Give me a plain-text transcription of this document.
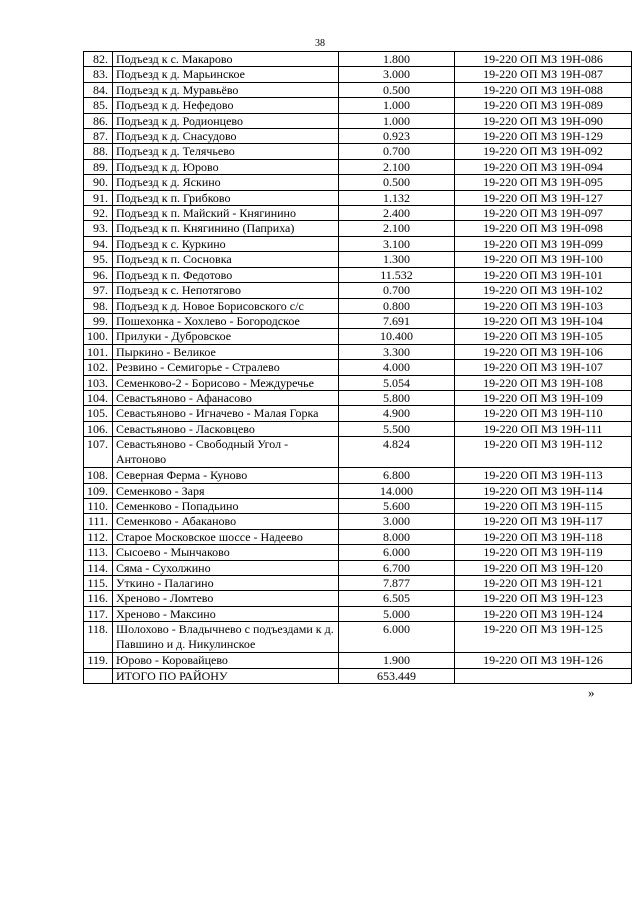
38
82.	Подъезд к с. Макарово	1.800	19-220 ОП МЗ 19Н-086
83.	Подъезд к д. Марьинское	3.000	19-220 ОП МЗ 19Н-087
84.	Подъезд к д. Муравьёво	0.500	19-220 ОП МЗ 19Н-088
85.	Подъезд к д. Нефедово	1.000	19-220 ОП МЗ 19Н-089
86.	Подъезд к д. Родионцево	1.000	19-220 ОП МЗ 19Н-090
87.	Подъезд к д. Снасудово	0.923	19-220 ОП МЗ 19Н-129
88.	Подъезд к д. Телячьево	0.700	19-220 ОП МЗ 19Н-092
89.	Подъезд к д. Юрово	2.100	19-220 ОП МЗ 19Н-094
90.	Подъезд к д. Яскино	0.500	19-220 ОП МЗ 19Н-095
91.	Подъезд к п. Грибково	1.132	19-220 ОП МЗ 19Н-127
92.	Подъезд к п. Майский - Княгинино	2.400	19-220 ОП МЗ 19Н-097
93.	Подъезд к п. Княгинино (Паприха)	2.100	19-220 ОП МЗ 19Н-098
94.	Подъезд к с. Куркино	3.100	19-220 ОП МЗ 19Н-099
95.	Подъезд к п. Сосновка	1.300	19-220 ОП МЗ 19Н-100
96.	Подъезд к п. Федотово	11.532	19-220 ОП МЗ 19Н-101
97.	Подъезд к с. Непотягово	0.700	19-220 ОП МЗ 19Н-102
98.	Подъезд к д. Новое Борисовского с/с	0.800	19-220 ОП МЗ 19Н-103
99.	Пошехонка - Хохлево - Богородское	7.691	19-220 ОП МЗ 19Н-104
100.	Прилуки - Дубровское	10.400	19-220 ОП МЗ 19Н-105
101.	Пыркино - Великое	3.300	19-220 ОП МЗ 19Н-106
102.	Резвино - Семигорье - Стралево	4.000	19-220 ОП МЗ 19Н-107
103.	Семенково-2 - Борисово - Междуречье	5.054	19-220 ОП МЗ 19Н-108
104.	Севастьяново - Афанасово	5.800	19-220 ОП МЗ 19Н-109
105.	Севастьяново - Игначево - Малая Горка	4.900	19-220 ОП МЗ 19Н-110
106.	Севастьяново - Ласковцево	5.500	19-220 ОП МЗ 19Н-111
107.	Севастьяново - Свободный Угол - Антоново	4.824	19-220 ОП МЗ 19Н-112
108.	Северная Ферма - Куново	6.800	19-220 ОП МЗ 19Н-113
109.	Семенково - Заря	14.000	19-220 ОП МЗ 19Н-114
110.	Семенково - Попадьино	5.600	19-220 ОП МЗ 19Н-115
111.	Семенково - Абаканово	3.000	19-220 ОП МЗ 19Н-117
112.	Старое Московское шоссе - Надеево	8.000	19-220 ОП МЗ 19Н-118
113.	Сысоево - Мынчаково	6.000	19-220 ОП МЗ 19Н-119
114.	Сяма - Сухолжино	6.700	19-220 ОП МЗ 19Н-120
115.	Уткино - Палагино	7.877	19-220 ОП МЗ 19Н-121
116.	Хреново - Ломтево	6.505	19-220 ОП МЗ 19Н-123
117.	Хреново - Максино	5.000	19-220 ОП МЗ 19Н-124
118.	Шолохово - Владычнево с подъездами к д. Павшино и д. Никулинское	6.000	19-220 ОП МЗ 19Н-125
119.	Юрово - Коровайцево	1.900	19-220 ОП МЗ 19Н-126
	ИТОГО ПО РАЙОНУ	653.449	
»
